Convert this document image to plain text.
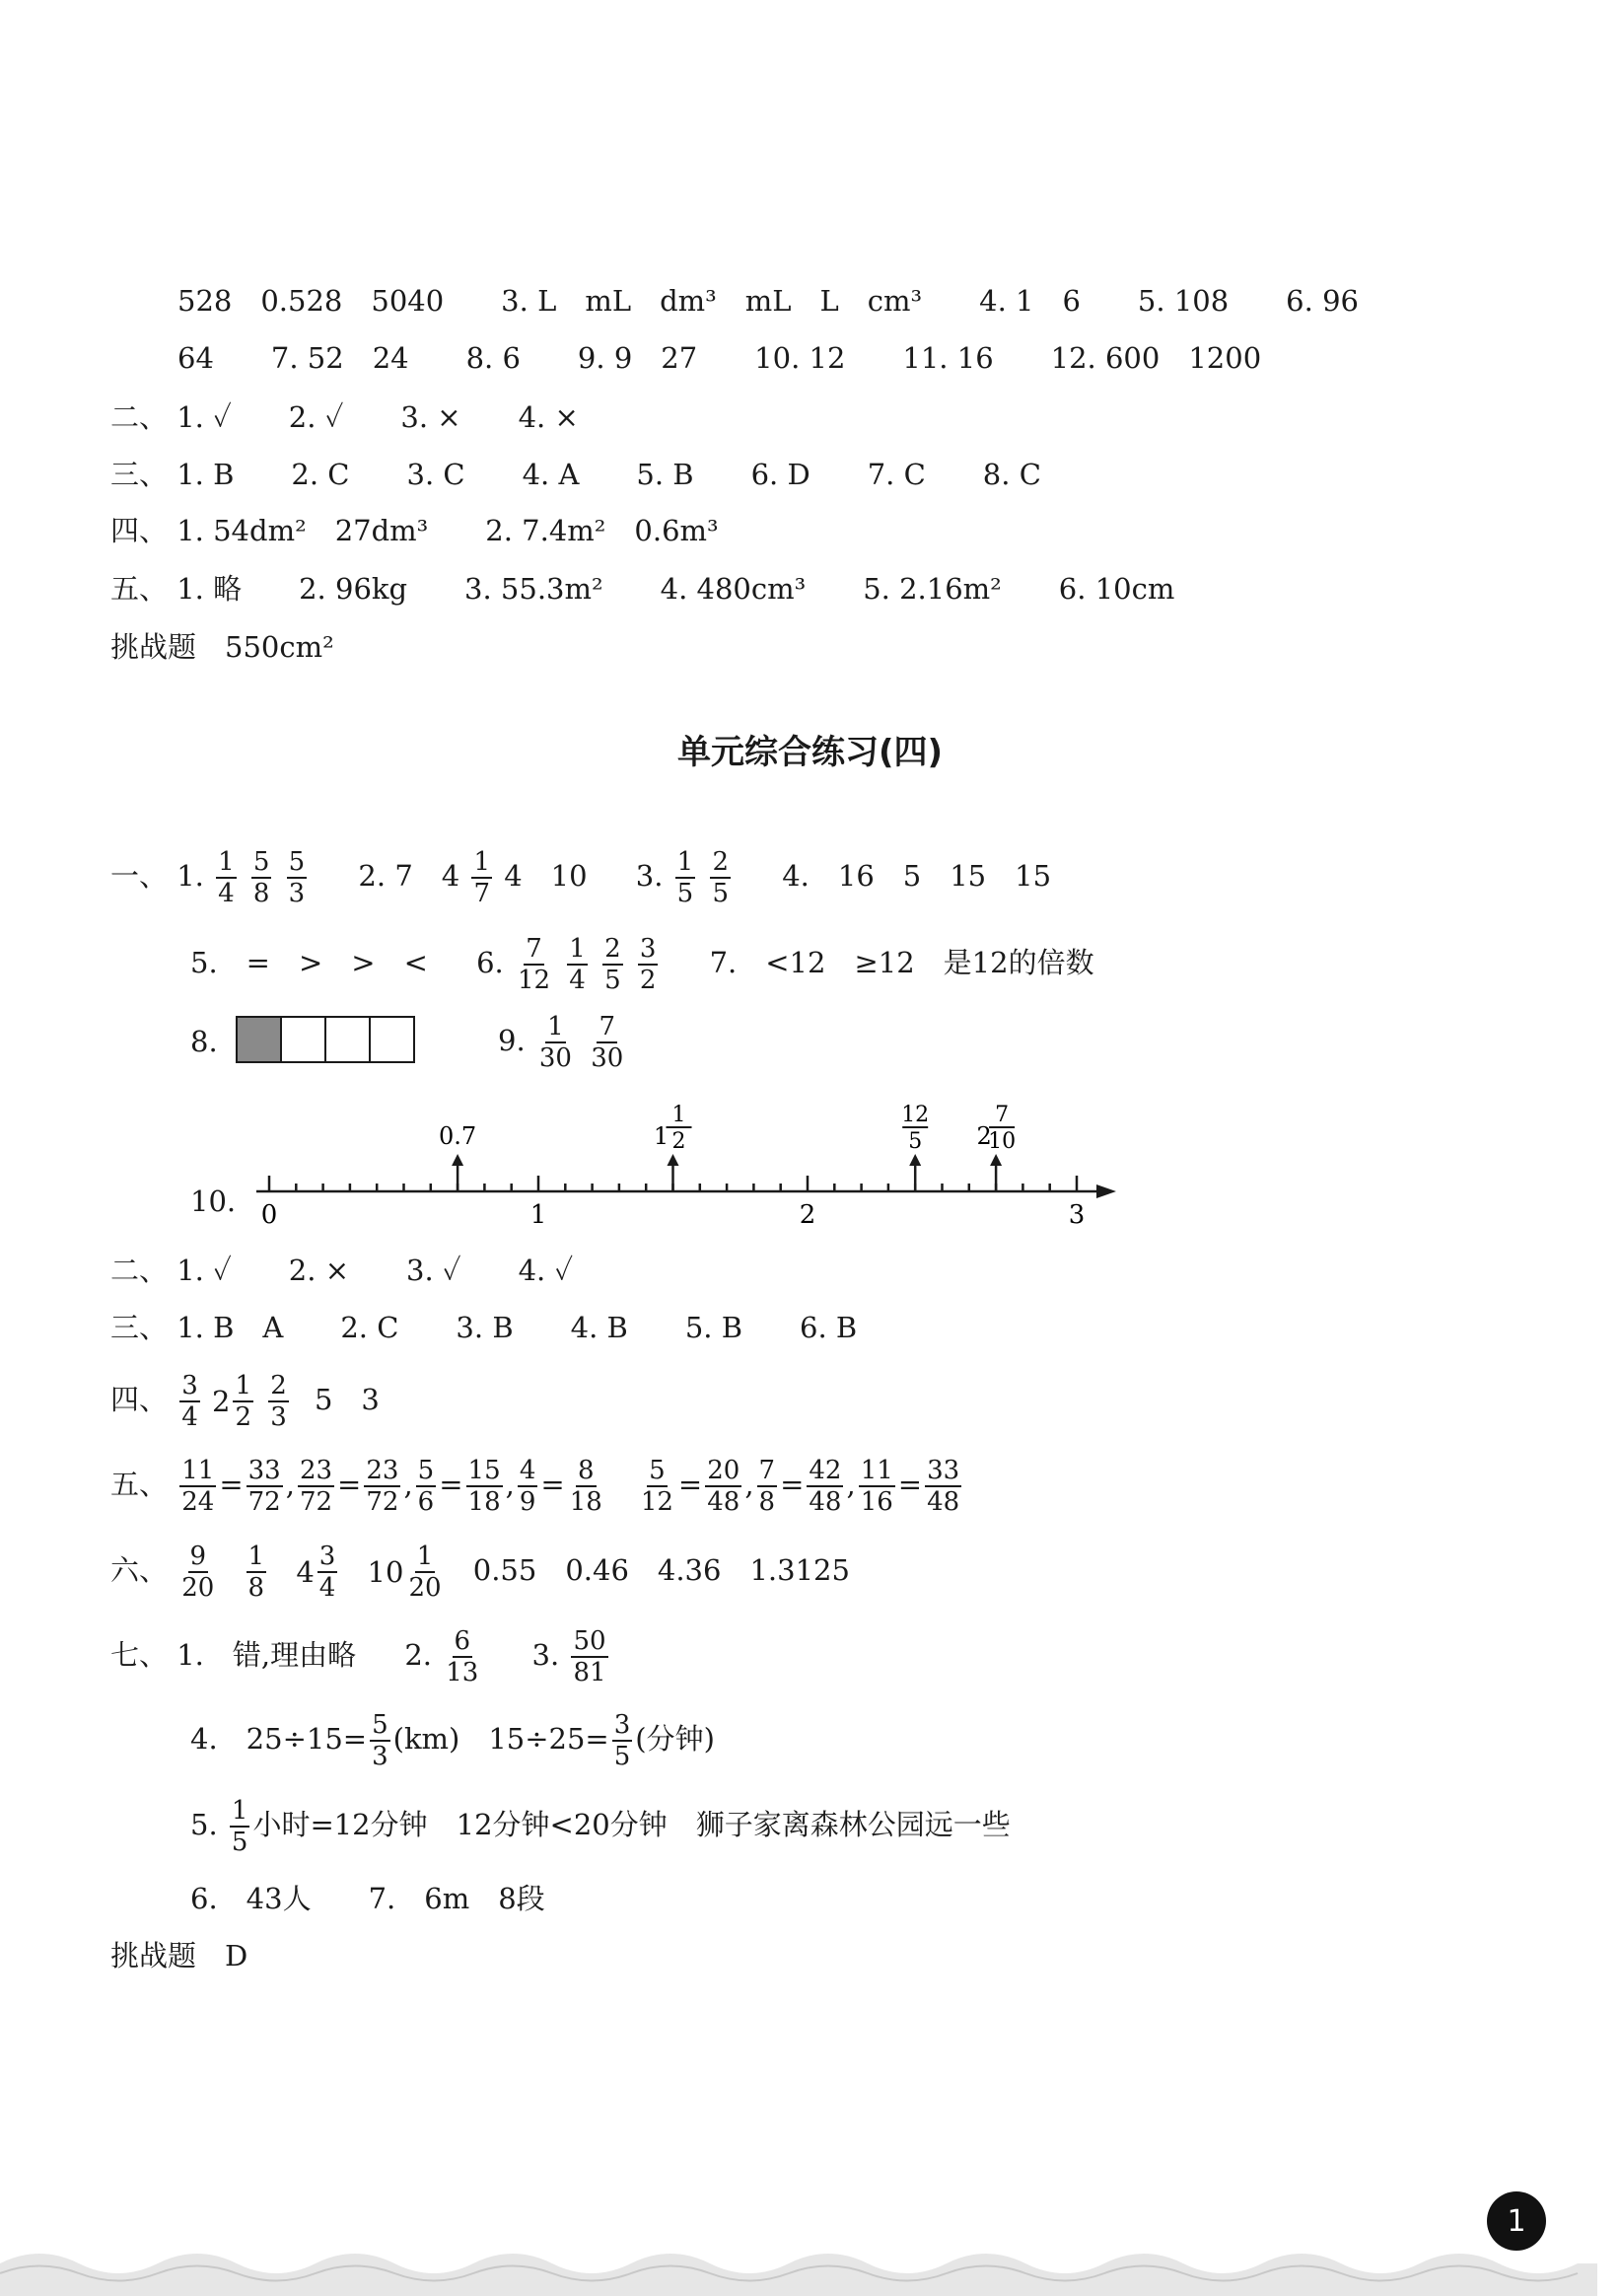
528　0.528　5040　　3. L　mL　dm³　mL　L　cm³　　4. 1　6　　5. 108　　6. 96
64　　7. 52　24　　8. 6　　9. 9　27　　10. 12　　11. 16　　12. 600　1200
二、 1. ✓　　2. ✓　　3. ×　　4. ×
三、 1. B　　2. C　　3. C　　4. A　　5. B　　6. D　　7. C　　8. C
四、 1. 54dm²　27dm³　　2. 7.4m²　0.6m³
五、 1. 略　　2. 96kg　　3. 55.3m²　　4. 480cm³　　5. 2.16m²　　6. 10cm
挑战题　550cm²
单元综合练习(四)
一、 1. $\frac{1}{4}$
$\frac{5}{8}$
$\frac{5}{3} 2$. 7　$4 \frac{1}{7} 4$　10 3. $\frac{1}{5}$
$\frac{2}{5} 4$.　16　5　15　15
5.　=　>　>　< 6. $\frac{7}{12}$
$\frac{1}{4}$
$\frac{2}{5}$
$\frac{3}{2} 7$.　<12　≥12　是12的倍数
8.	9. $\frac{1}{30}$
$\frac{7}{30}$
10. 0	1	2	3
0.7	1
1
2
12
5 2
7
10
二、 1. ✓　　2. ×　　3. ✓　　4. ✓
三、 1. B　A　　2. C　　3. B　　4. B　　5. B　　6. B
四、 $\frac{3}{4}$
$2 \frac{1}{2}$
$\frac{2}{3} 5$　3
五、 $\frac{11}{24} = \frac{33}{72}$ , $\frac{23}{72} = \frac{23}{72}$ , $\frac{5}{6} = \frac{15}{18}$ , $\frac{4}{9} = \frac{8}{18}$
　 $\frac{5}{12} = \frac{20}{48}$ , $\frac{7}{8} = \frac{42}{48}$ , $\frac{11}{16} = \frac{33}{48}$
六、 $\frac{9}{20}$
$\frac{1}{8}$
$4 \frac{3}{4}$
$10 \frac{1}{20} 0.55$　0.46　4.36　1.3125
七、 1.　错,理由略 2. $\frac{6}{13} 3$. $\frac{50}{81}$
4.　$25\div 15= \frac{5}{3} (km)$　$15\div 25= \frac{3}{5}$ (分钟)
5. $\frac{1}{5}$ 小时=12分钟　12分钟<20分钟　狮子家离森林公园远一些
6.　43人　　7.　6m　8段
挑战题　D
1
